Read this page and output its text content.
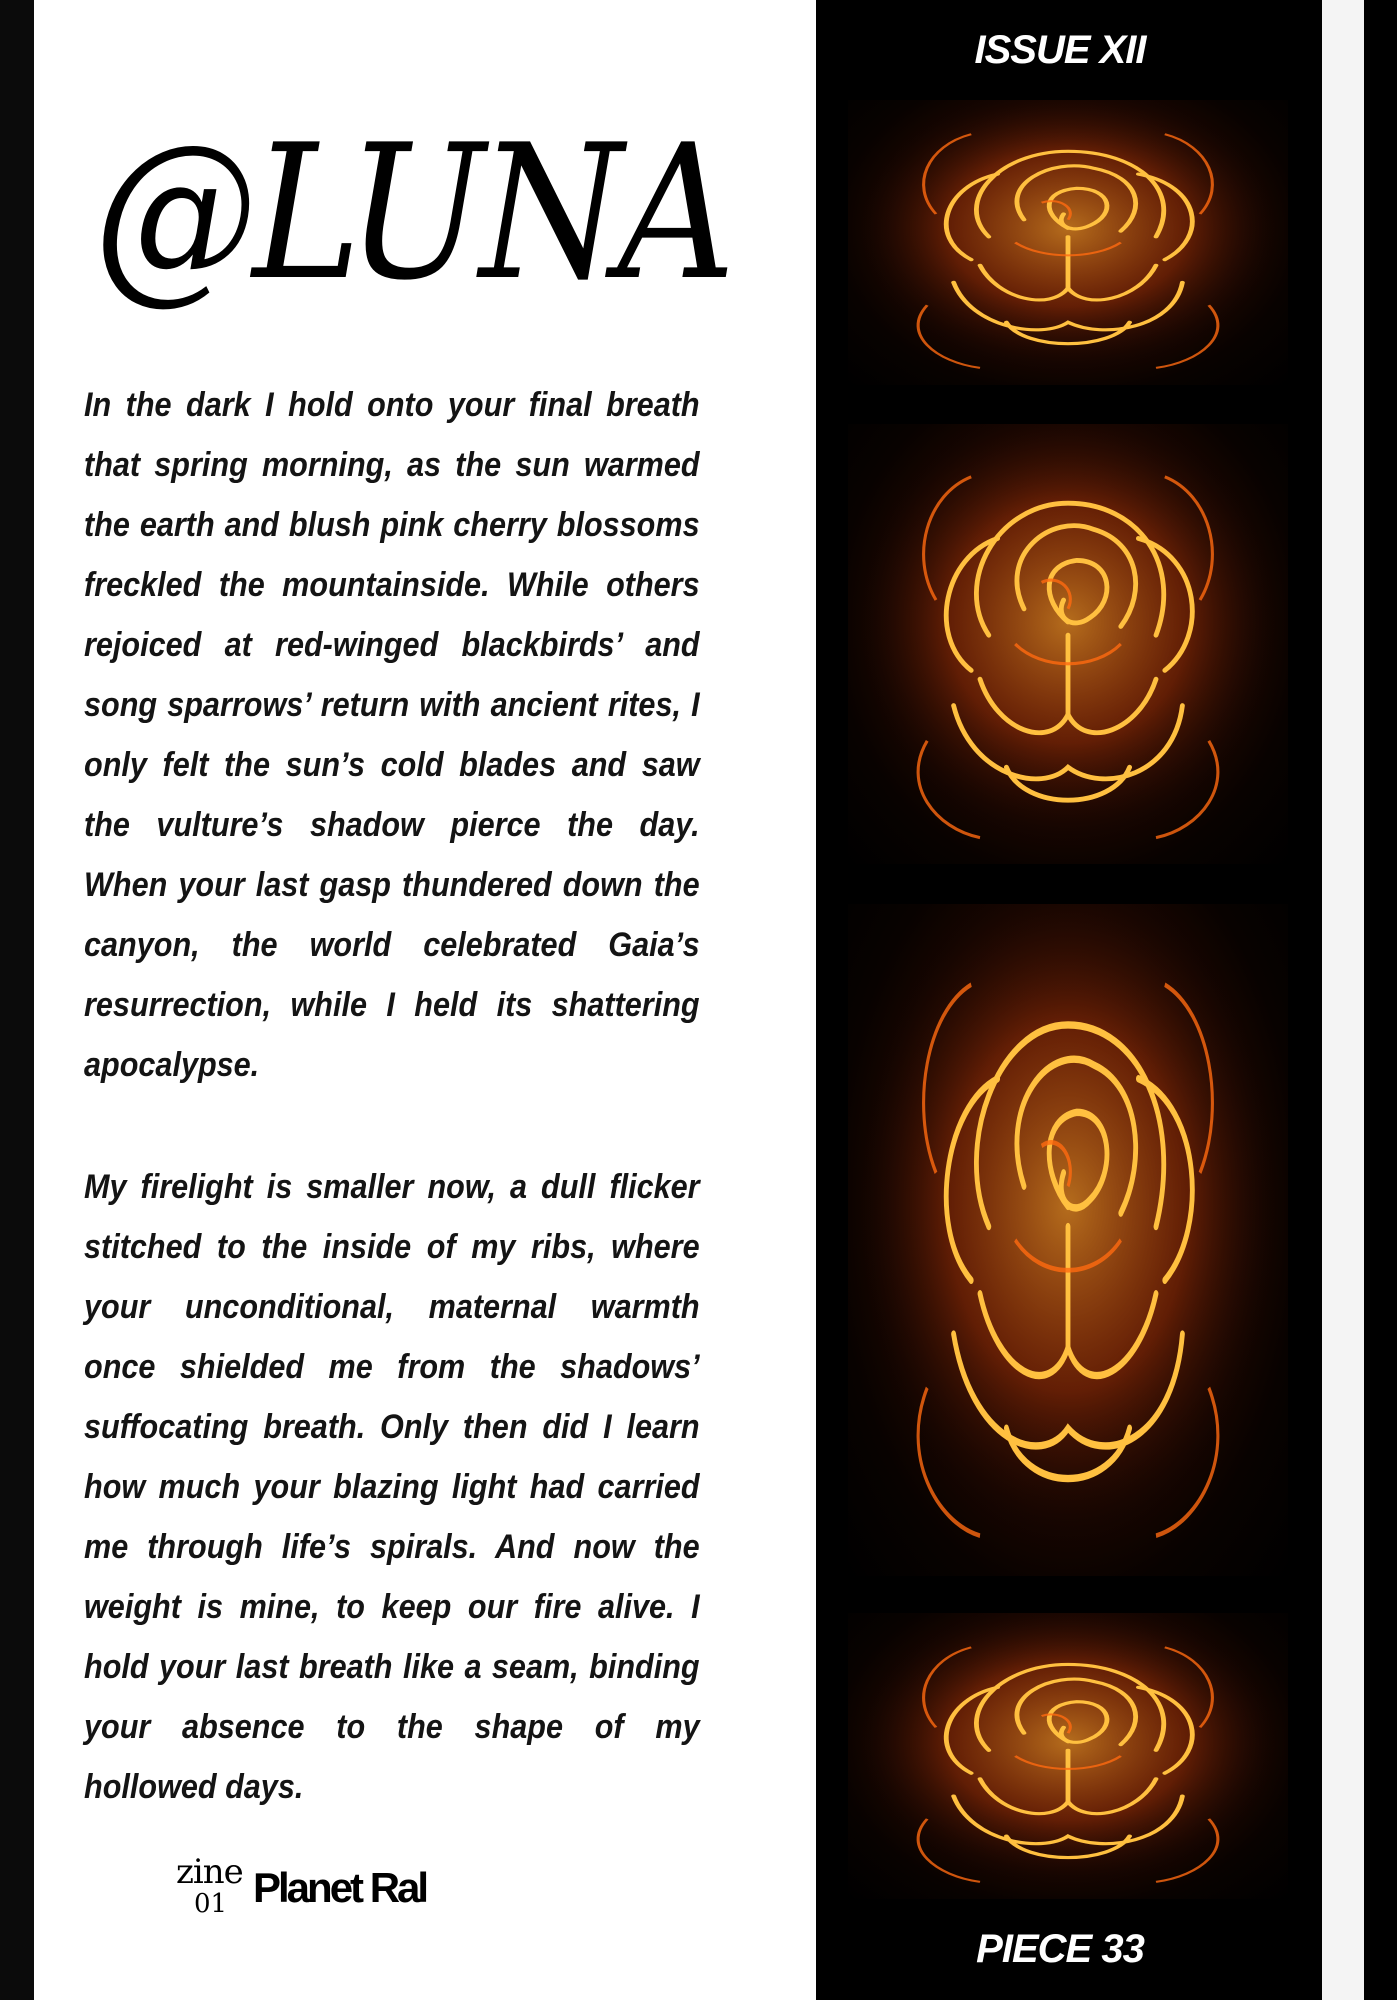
@LUNA

In the dark I hold onto your final breath that spring morning, as the sun warmed the earth and blush pink cherry blossoms freckled the mountainside. While others rejoiced at red-winged blackbirds’ and song sparrows’ return with ancient rites, I only felt the sun’s cold blades and saw the vulture’s shadow pierce the day. When your last gasp thundered down the canyon, the world celebrated Gaia’s resurrection, while I held its shattering apocalypse.

My firelight is smaller now, a dull flicker stitched to the inside of my ribs, where your unconditional, maternal warmth once shielded me from the shadows’ suffocating breath. Only then did I learn how much your blazing light had carried me through life’s spirals. And now the weight is mine, to keep our fire alive. I hold your last breath like a seam, binding your absence to the shape of my hollowed days.

zine
01 Planet Ral
ISSUE XII
PIECE 33
